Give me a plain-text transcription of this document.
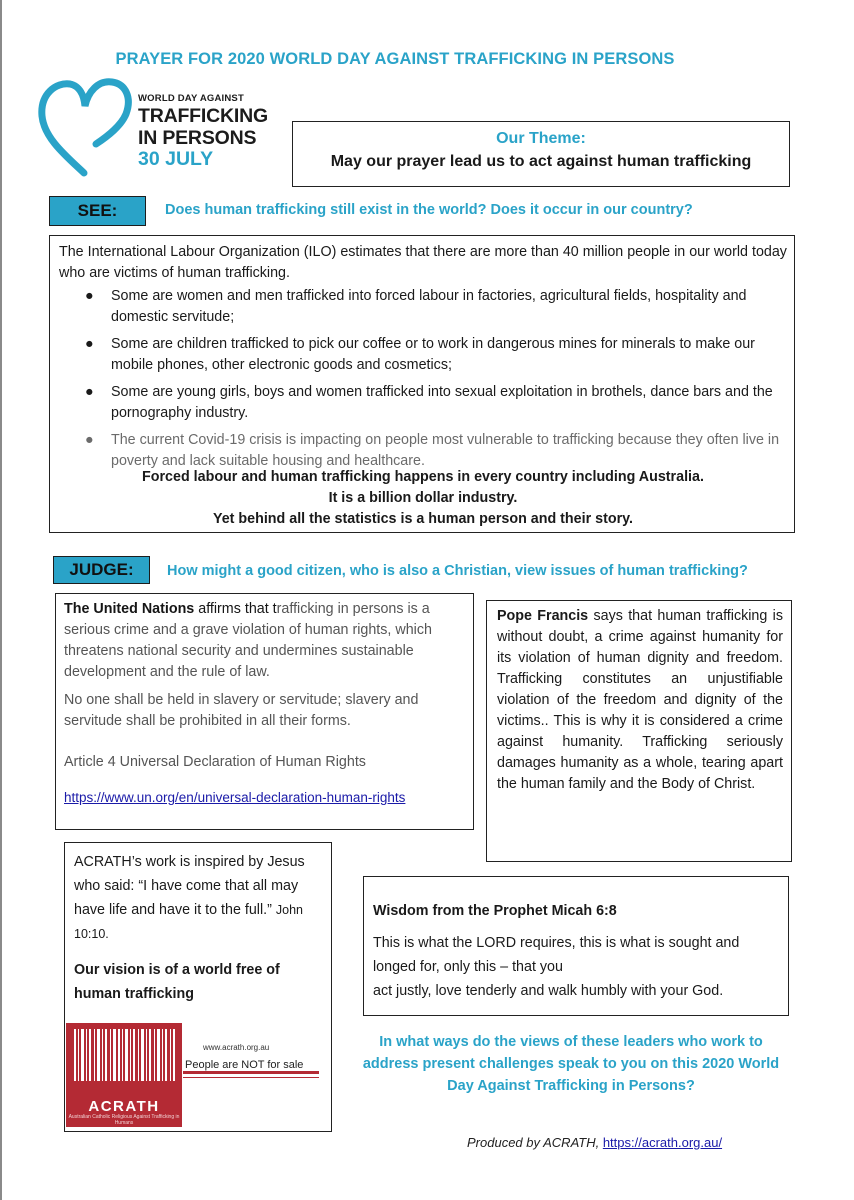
PRAYER FOR 2020 WORLD DAY AGAINST TRAFFICKING IN PERSONS
WORLD DAY AGAINST
TRAFFICKING
IN PERSONS
30 JULY
Our Theme:
May our prayer lead us to act against human trafficking
SEE:	Does human trafficking still exist in the world? Does it occur in our country?
The International Labour Organization (ILO) estimates that there are more than 40 million people in our world today who are victims of human trafficking.
● Some are women and men trafficked into forced labour in factories, agricultural fields, hospitality and domestic servitude;
● Some are children trafficked to pick our coffee or to work in dangerous mines for minerals to make our mobile phones, other electronic goods and cosmetics;
● Some are young girls, boys and women trafficked into sexual exploitation in brothels, dance bars and the pornography industry.
● The current Covid-19 crisis is impacting on people most vulnerable to trafficking because they often live in poverty and lack suitable housing and healthcare.
Forced labour and human trafficking happens in every country including Australia.
It is a billion dollar industry.
Yet behind all the statistics is a human person and their story.
JUDGE:	How might a good citizen, who is also a Christian, view issues of human trafficking?
The United Nations affirms that trafficking in persons is a serious crime and a grave violation of human rights, which threatens national security and undermines sustainable development and the rule of law.
No one shall be held in slavery or servitude; slavery and servitude shall be prohibited in all their forms.
Article 4 Universal Declaration of Human Rights
https://www.un.org/en/universal-declaration-human-rights
Pope Francis says that human trafficking is without doubt, a crime against humanity for its violation of human dignity and freedom. Trafficking constitutes an unjustifiable violation of the freedom and dignity of the victims.. This is why it is considered a crime against humanity. Trafficking seriously damages humanity as a whole, tearing apart the human family and the Body of Christ.
ACRATH’s work is inspired by Jesus who said: “I have come that all may have life and have it to the full.” John 10:10.
Our vision is of a world free of human trafficking
ACRATH
Australian Catholic Religious Against Trafficking in Humans
www.acrath.org.au
People are NOT for sale
Wisdom from the Prophet Micah 6:8
This is what the LORD requires, this is what is sought and longed for, only this – that you
act justly, love tenderly and walk humbly with your God.
In what ways do the views of these leaders who work to address present challenges speak to you on this 2020 World Day Against Trafficking in Persons?
Produced by ACRATH, https://acrath.org.au/
